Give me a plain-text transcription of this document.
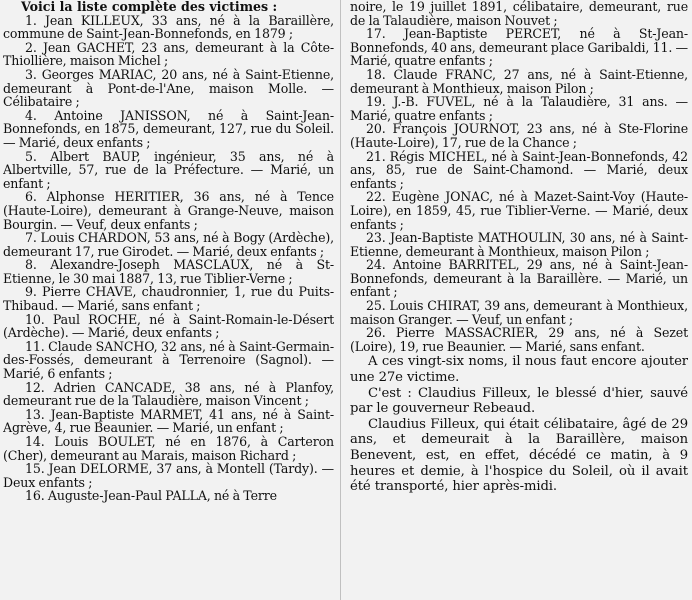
Voici la liste complète des victimes :

1. Jean KILLEUX, 33 ans, né à la Baraillère, commune de Saint-Jean-Bonnefonds, en 1879 ;

2. Jean GACHET, 23 ans, demeurant à la Côte-Thiollière, maison Michel ;

3. Georges MARIAC, 20 ans, né à Saint-Etienne, demeurant à Pont-de-l'Ane, maison Molle. — Célibataire ;

4. Antoine JANISSON, né à Saint-Jean-Bonnefonds, en 1875, demeurant, 127, rue du Soleil. — Marié, deux enfants ;

5. Albert BAUP, ingénieur, 35 ans, né à Albertville, 57, rue de la Préfecture. — Marié, un enfant ;

6. Alphonse HERITIER, 36 ans, né à Tence (Haute-Loire), demeurant à Grange-Neuve, maison Bourgin. — Veuf, deux enfants ;

7. Louis CHARDON, 53 ans, né à Bogy (Ardèche), demeurant 17, rue Girodet. — Marié, deux enfants ;

8. Alexandre-Joseph MASCLAUX, né à St-Etienne, le 30 mai 1887, 13, rue Tiblier-Verne ;

9. Pierre CHAVE, chaudronnier, 1, rue du Puits-Thibaud. — Marié, sans enfant ;

10. Paul ROCHE, né à Saint-Romain-le-Désert (Ardèche). — Marié, deux enfants ;

11. Claude SANCHO, 32 ans, né à Saint-Germain-des-Fossés, demeurant à Terrenoire (Sagnol). — Marié, 6 enfants ;

12. Adrien CANCADE, 38 ans, né à Planfoy, demeurant rue de la Talaudière, maison Vincent ;

13. Jean-Baptiste MARMET, 41 ans, né à Saint-Agrève, 4, rue Beaunier. — Marié, un enfant ;

14. Louis BOULET, né en 1876, à Carteron (Cher), demeurant au Marais, maison Richard ;

15. Jean DELORME, 37 ans, à Montell (Tardy). — Deux enfants ;

16. Auguste-Jean-Paul PALLA, né à Terre

noire, le 19 juillet 1891, célibataire, demeurant, rue de la Talaudière, maison Nouvet ;

17. Jean-Baptiste PERCET, né à St-Jean-Bonnefonds, 40 ans, demeurant place Garibaldi, 11. — Marié, quatre enfants ;

18. Claude FRANC, 27 ans, né à Saint-Etienne, demeurant à Monthieux, maison Pilon ;

19. J.-B. FUVEL, né à la Talaudière, 31 ans. — Marié, quatre enfants ;

20. François JOURNOT, 23 ans, né à Ste-Florine (Haute-Loire), 17, rue de la Chance ;

21. Régis MICHEL, né à Saint-Jean-Bonnefonds, 42 ans, 85, rue de Saint-Chamond. — Marié, deux enfants ;

22. Eugène JONAC, né à Mazet-Saint-Voy (Haute-Loire), en 1859, 45, rue Tiblier-Verne. — Marié, deux enfants ;

23. Jean-Baptiste MATHOULIN, 30 ans, né à Saint-Etienne, demeurant à Monthieux, maison Pilon ;

24. Antoine BARRITEL, 29 ans, né à Saint-Jean-Bonnefonds, demeurant à la Baraillère. — Marié, un enfant ;

25. Louis CHIRAT, 39 ans, demeurant à Monthieux, maison Granger. — Veuf, un enfant ;

26. Pierre MASSACRIER, 29 ans, né à Sezet (Loire), 19, rue Beaunier. — Marié, sans enfant.

A ces vingt-six noms, il nous faut encore ajouter une 27e victime.

C'est : Claudius Filleux, le blessé d'hier, sauvé par le gouverneur Rebeaud.

Claudius Filleux, qui était célibataire, âgé de 29 ans, et demeurait à la Baraillère, maison Benevent, est, en effet, décédé ce matin, à 9 heures et demie, à l'hospice du Soleil, où il avait été transporté, hier après-midi.
